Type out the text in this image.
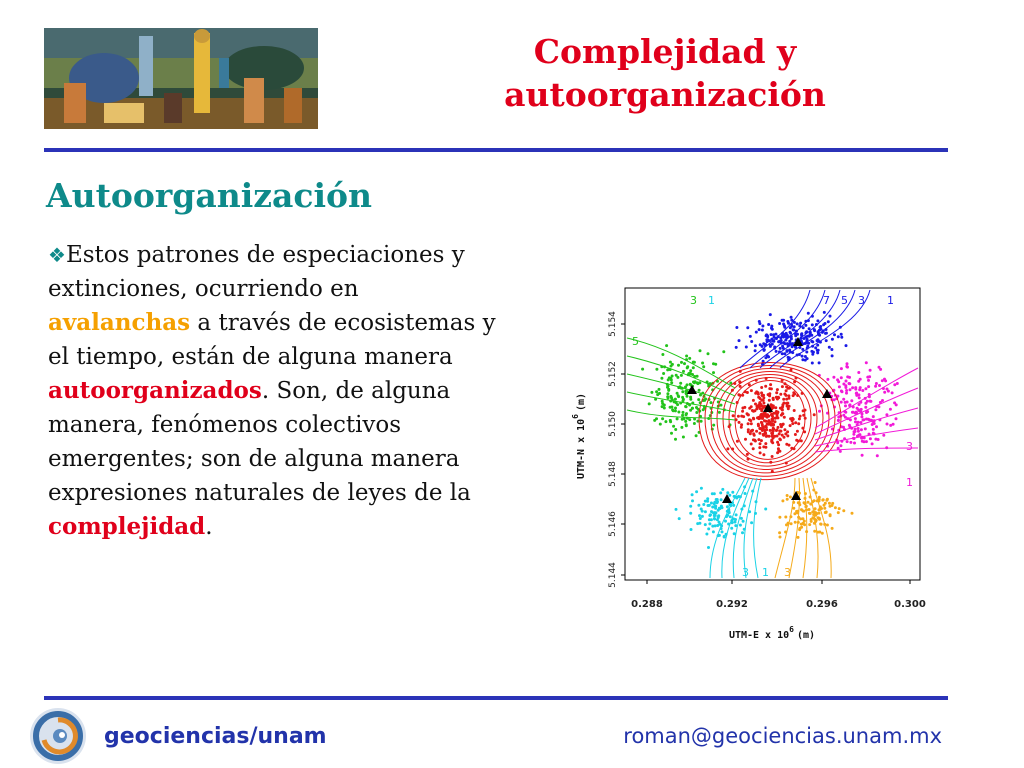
Complejidad y
autoorganización
Autoorganización
❖Estos patrones de especiaciones y extinciones, ocurriendo en avalanchas a través de ecosistemas y el tiempo, están de alguna manera autoorganizados. Son, de alguna manera, fenómenos colectivos emergentes; son de alguna manera expresiones naturales de leyes de la complejidad.
5.144
5.146
5.148
5.150
5.152
5.154
0.288	0.292	0.296	0.300
3 1	7 5 3 1
5
3
1
3 1 3
UTM-E x $10^6(m)$
UTM-N x $10^6(m)$
geociencias/unam	roman@geociencias.unam.mx
